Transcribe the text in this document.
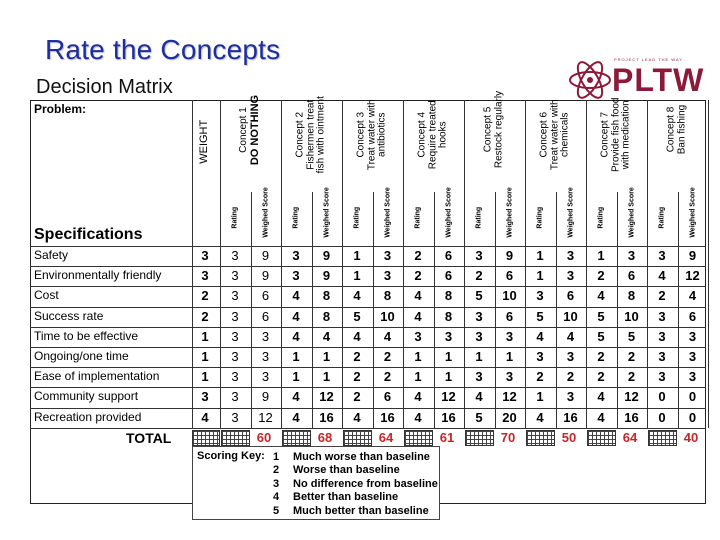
Rate the Concepts	PROJECT LEAD THE WAY
PLTW
Decision Matrix
Problem:
Specifications
WEIGHT	Concept 1 DO NOTHING
Rating	Weighed Score
Concept 2 Fishermen treat fish with ointment
Rating	Weighed Score
Concept 3 Treat water with antibiotics
Rating	Weighed Score
Concept 4 Require treated hooks
Rating	Weighed Score
Concept 5 Restock regularly
Rating	Weighed Score
Concept 6 Treat water with chemicals
Rating	Weighed Score
Concept 7 Provide fish food with medication
Rating	Weighed Score
Concept 8 Ban fishing
Rating	Weighed Score
Safety	3	3	9	3	9	1	3	2	6	3	9	1	3	1	3	3	9
Environmentally friendly	3	3	9	3	9	1	3	2	6	2	6	1	3	2	6	4	12
Cost	2	3	6	4	8	4	8	4	8	5	10	3	6	4	8	2	4
Success rate	2	3	6	4	8	5	10	4	8	3	6	5	10	5	10	3	6
Time to be effective	1	3	3	4	4	4	4	3	3	3	3	4	4	5	5	3	3
Ongoing/one time	1	3	3	1	1	2	2	1	1	1	1	3	3	2	2	3	3
Ease of implementation	1	3	3	1	1	2	2	1	1	3	3	2	2	2	2	3	3
Community support	3	3	9	4	12	2	6	4	12	4	12	1	3	4	12	0	0
Recreation provided	4	3	12	4	16	4	16	4	16	5	20	4	16	4	16	0	0
TOTAL	60	68	64	61	70	50	64	40
Scoring Key: 1 Much worse than baseline
2 Worse than baseline
3 No difference from baseline
4 Better than baseline
5 Much better than baseline
